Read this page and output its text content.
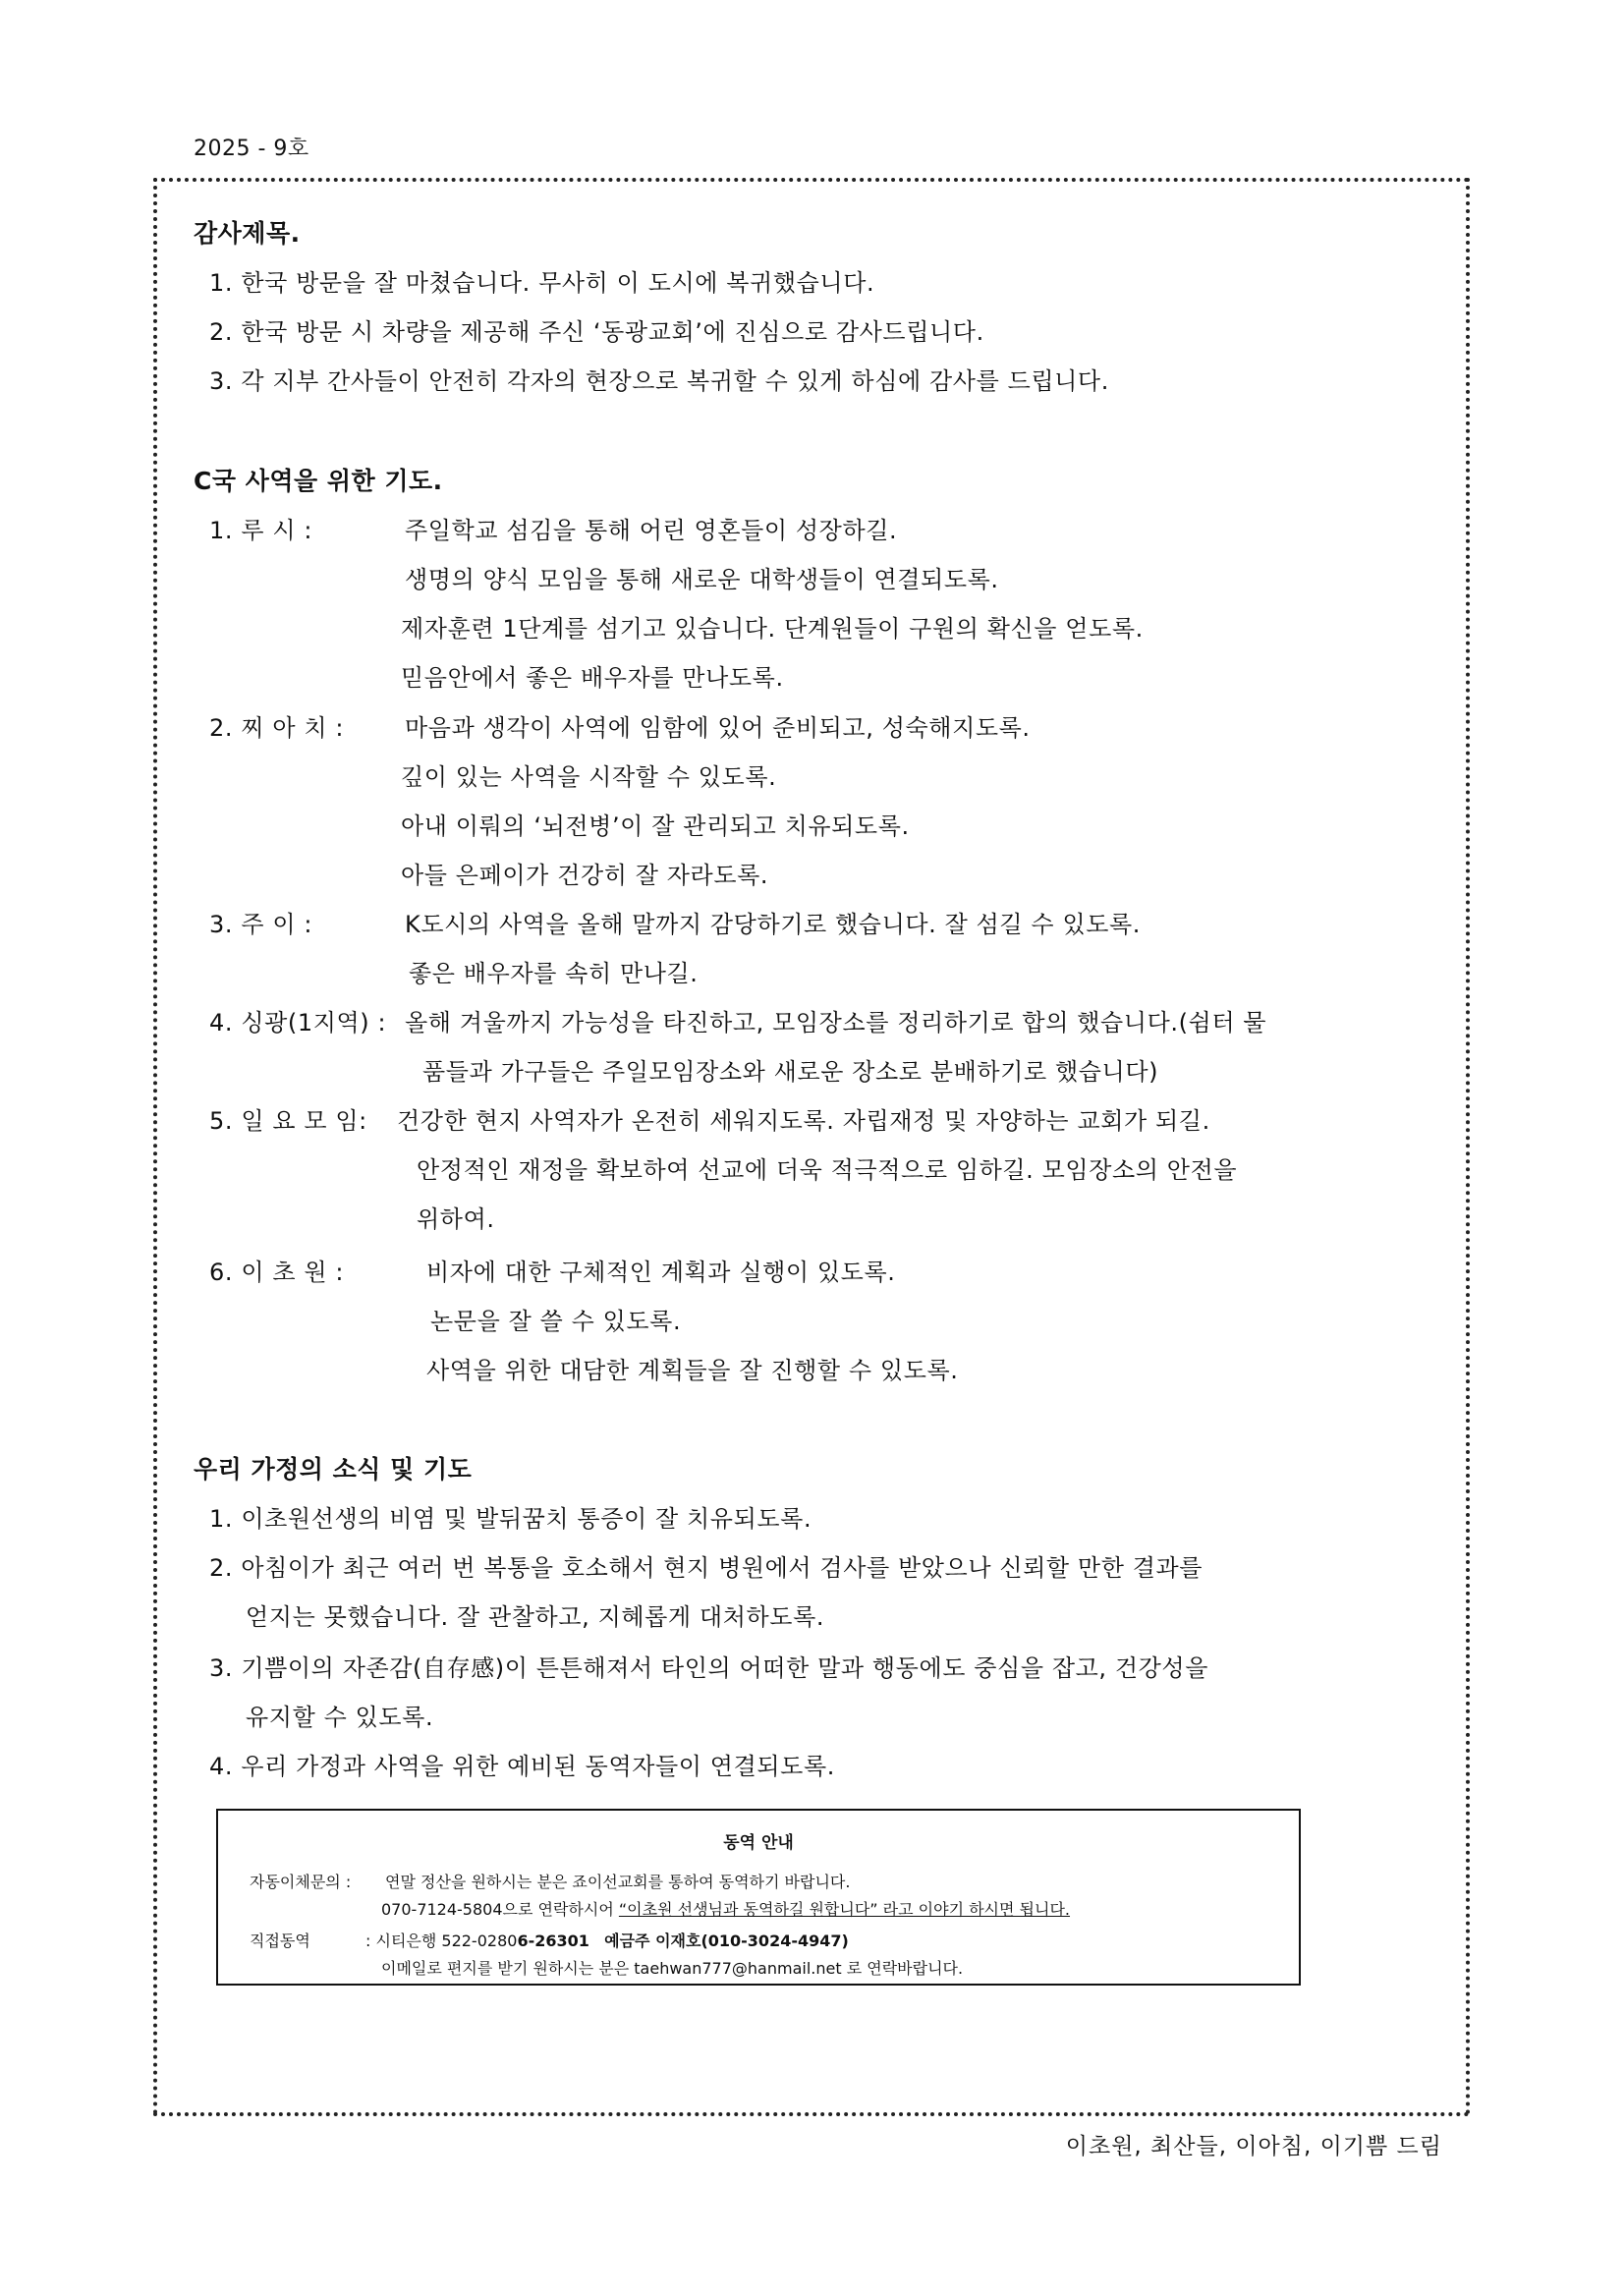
2025 - 9호
감사제목.
1. 한국 방문을 잘 마쳤습니다. 무사히 이 도시에 복귀했습니다.
2. 한국 방문 시 차량을 제공해 주신 ‘동광교회’에 진심으로 감사드립니다.
3. 각 지부 간사들이 안전히 각자의 현장으로 복귀할 수 있게 하심에 감사를 드립니다.
C국 사역을 위한 기도.
1. 루 시 :	주일학교 섬김을 통해 어린 영혼들이 성장하길.
생명의 양식 모임을 통해 새로운 대학생들이 연결되도록.
제자훈련 1단계를 섬기고 있습니다. 단계원들이 구원의 확신을 얻도록.
믿음안에서 좋은 배우자를 만나도록.
2. 찌 아 치 :	마음과 생각이 사역에 임함에 있어 준비되고, 성숙해지도록.
깊이 있는 사역을 시작할 수 있도록.
아내 이뤄의 ‘뇌전병’이 잘 관리되고 치유되도록.
아들 은페이가 건강히 잘 자라도록.
3. 주 이 :	K도시의 사역을 올해 말까지 감당하기로 했습니다. 잘 섬길 수 있도록.
좋은 배우자를 속히 만나길.
4. 싱광(1지역) : 올해 겨울까지 가능성을 타진하고, 모임장소를 정리하기로 합의 했습니다.(쉼터 물
품들과 가구들은 주일모임장소와 새로운 장소로 분배하기로 했습니다)
5. 일 요 모 임: 건강한 현지 사역자가 온전히 세워지도록. 자립재정 및 자양하는 교회가 되길.
안정적인 재정을 확보하여 선교에 더욱 적극적으로 임하길. 모임장소의 안전을
위하여.
6. 이 초 원 :	비자에 대한 구체적인 계획과 실행이 있도록.
논문을 잘 쓸 수 있도록.
사역을 위한 대담한 계획들을 잘 진행할 수 있도록.
우리 가정의 소식 및 기도
1. 이초원선생의 비염 및 발뒤꿈치 통증이 잘 치유되도록.
2. 아침이가 최근 여러 번 복통을 호소해서 현지 병원에서 검사를 받았으나 신뢰할 만한 결과를
얻지는 못했습니다. 잘 관찰하고, 지혜롭게 대처하도록.
3. 기쁨이의 자존감(自存感)이 튼튼해져서 타인의 어떠한 말과 행동에도 중심을 잡고, 건강성을
유지할 수 있도록.
4. 우리 가정과 사역을 위한 예비된 동역자들이 연결되도록.
동역 안내
자동이체문의 : 연말 정산을 원하시는 분은 죠이선교회를 통하여 동역하기 바랍니다.
070-7124-5804으로 연락하시어 “이초원 선생님과 동역하길 원합니다” 라고 이야기 하시면 됩니다.
직접동역	: 시티은행 522-02806-26301 예금주 이재호(010-3024-4947)
이메일로 편지를 받기 원하시는 분은 taehwan777@hanmail.net 로 연락바랍니다.
이초원, 최산들, 이아침, 이기쁨 드림
